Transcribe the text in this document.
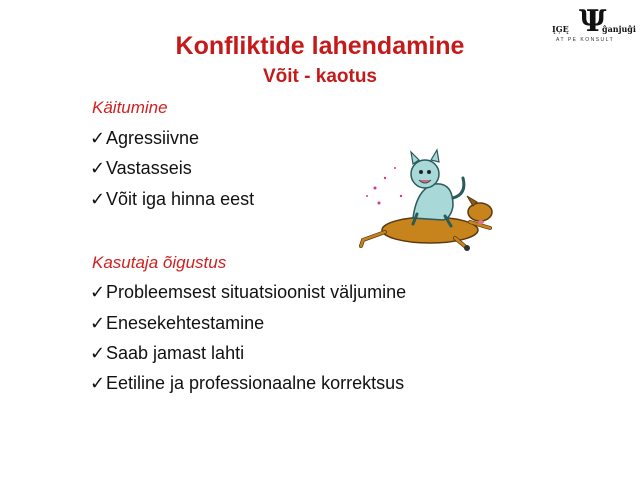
Konfliktide lahendamine
Võit - kaotus
ĮĢĘ Ψ
ĝanjuĝi
AT PE KONSULT
Käitumine
✓Agressiivne
✓Vastasseis
✓Võit iga hinna eest
Kasutaja õigustus
✓Probleemsest situatsioonist väljumine
✓Enesekehtestamine
✓Saab jamast lahti
✓Eetiline ja professionaalne korrektsus
